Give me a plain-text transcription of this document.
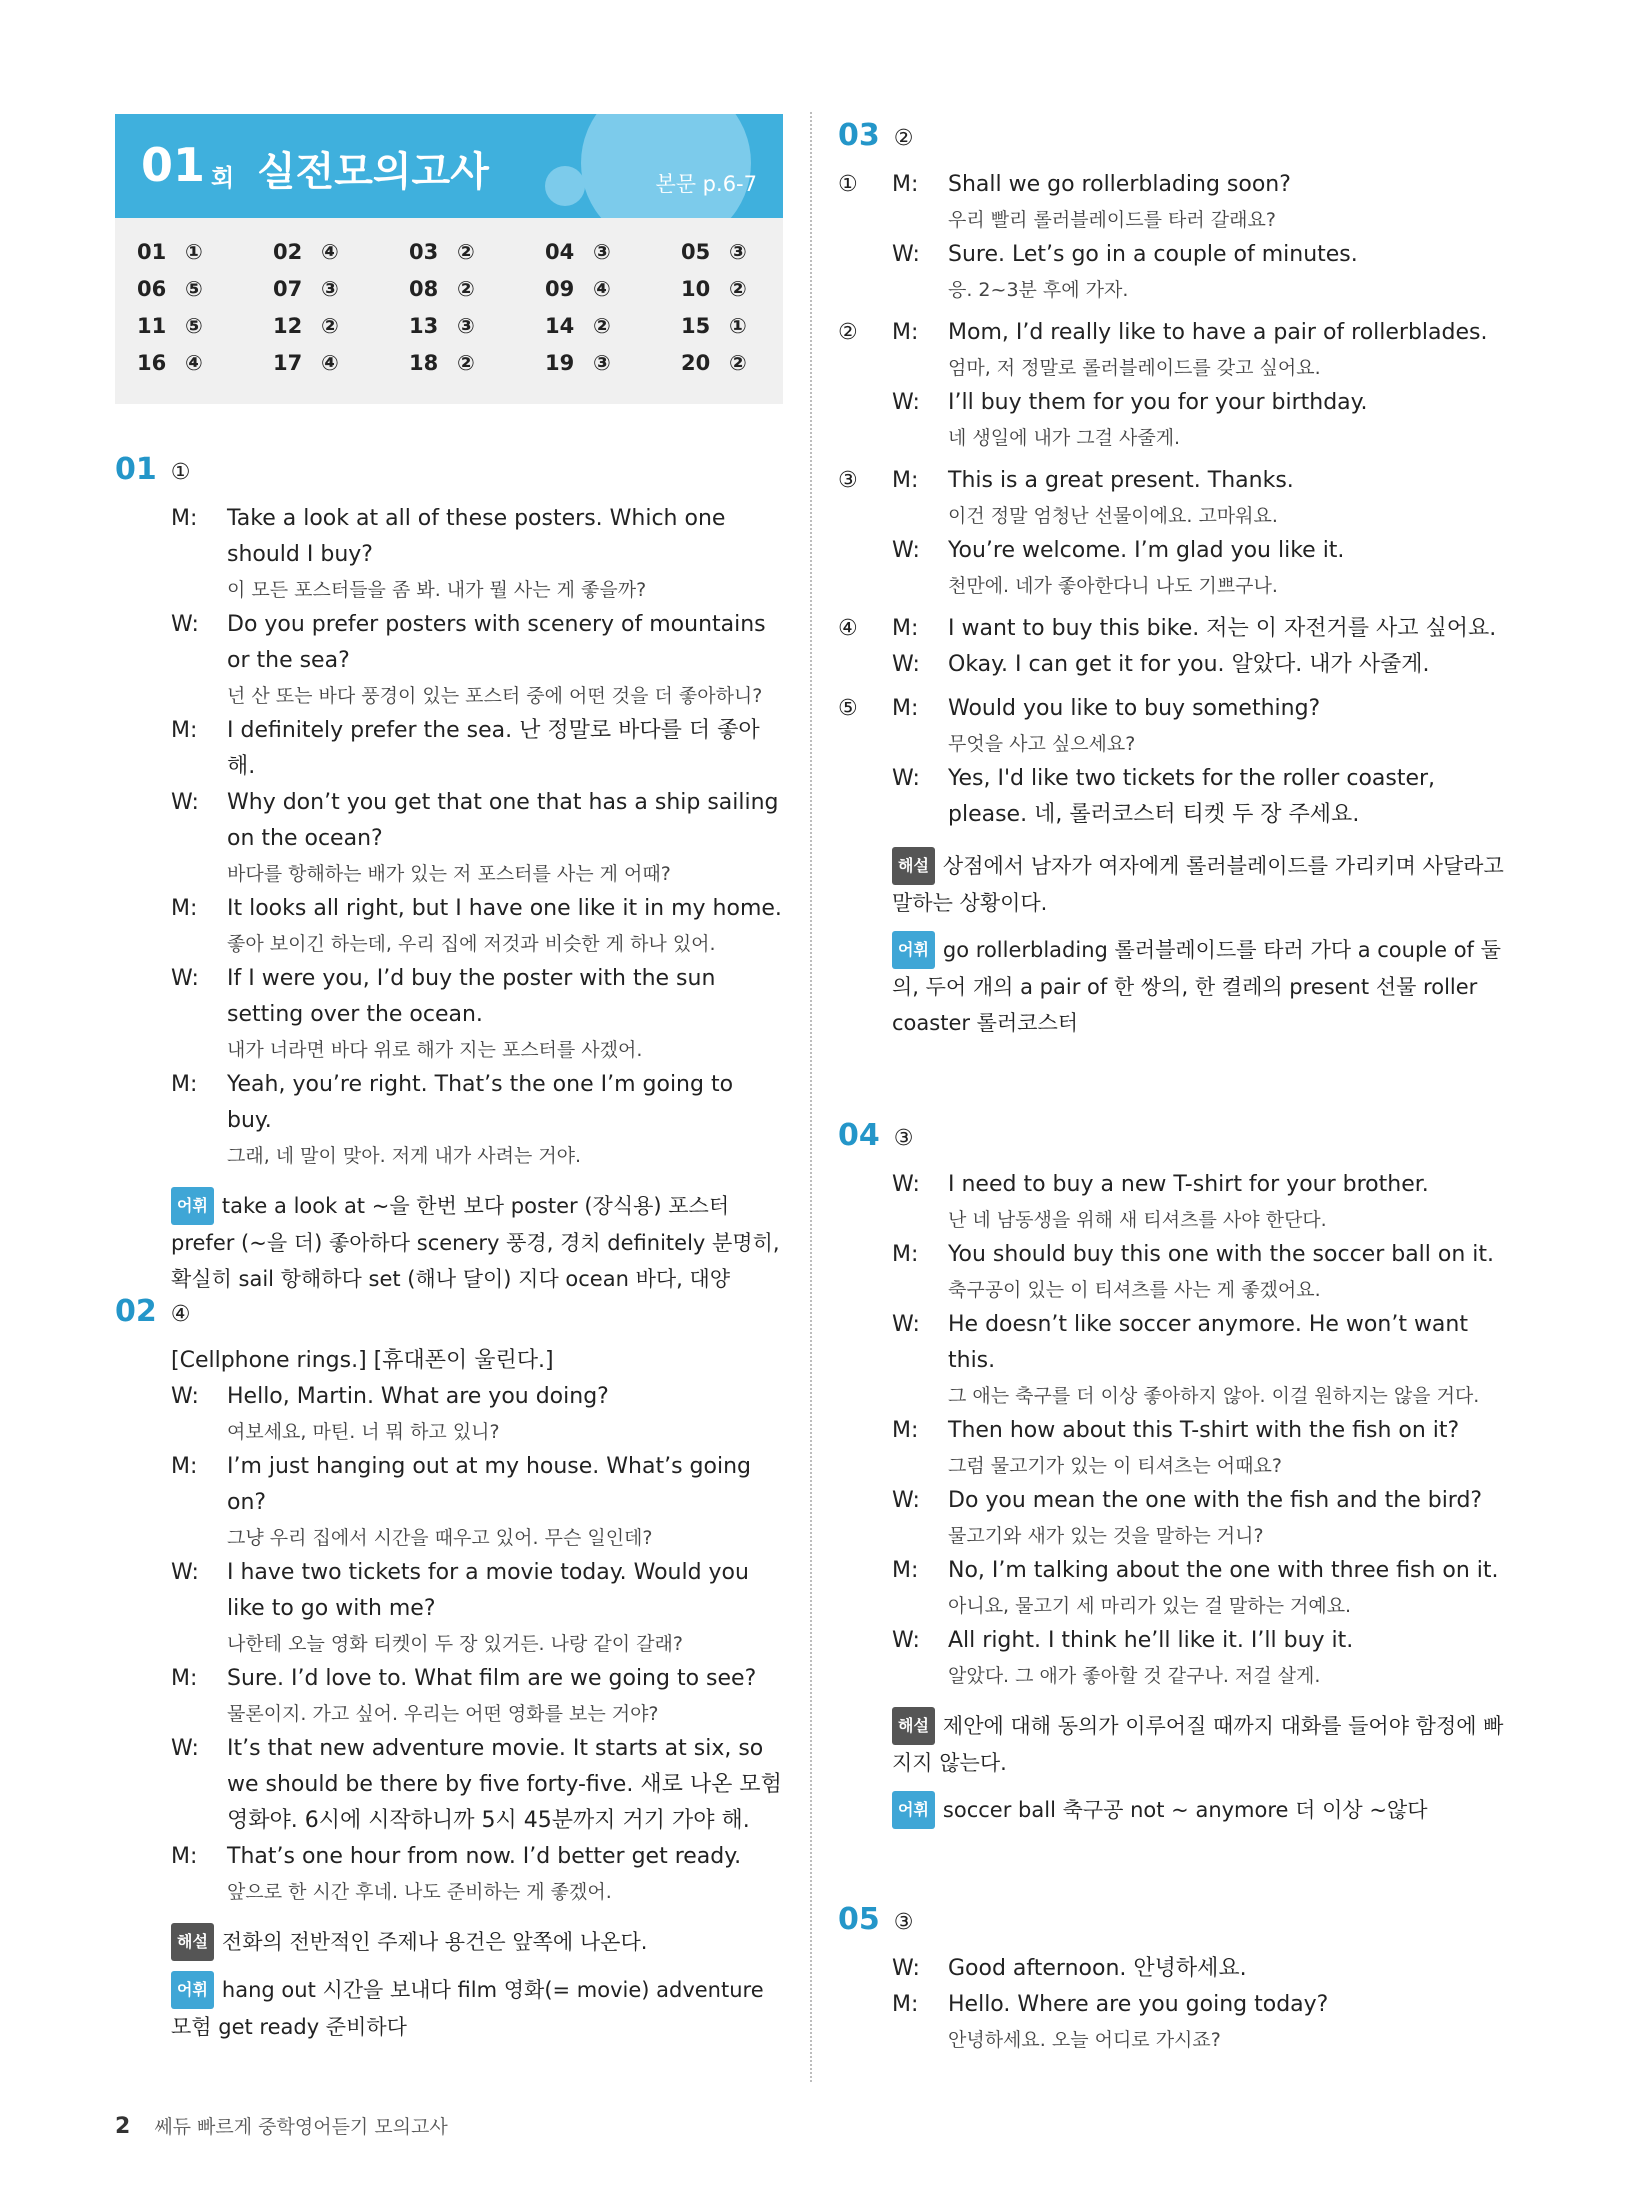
01 회 실전모의고사	본문 p.6-7
01 ①	02 ④	03 ②	04 ③	05 ③
06 ⑤	07 ③	08 ②	09 ④	10 ②
11 ⑤	12 ②	13 ③	14 ②	15 ①
16 ④	17 ④	18 ②	19 ③	20 ②
01 ①
M:	Take a look at all of these posters. Which one should I buy?
이 모든 포스터들을 좀 봐. 내가 뭘 사는 게 좋을까?
W:	Do you prefer posters with scenery of mountains or the sea?
넌 산 또는 바다 풍경이 있는 포스터 중에 어떤 것을 더 좋아하니?
M:	I definitely prefer the sea. 난 정말로 바다를 더 좋아해.
W:	Why don’t you get that one that has a ship sailing on the ocean?
바다를 항해하는 배가 있는 저 포스터를 사는 게 어때?
M:	It looks all right, but I have one like it in my home.
좋아 보이긴 하는데, 우리 집에 저것과 비슷한 게 하나 있어.
W:	If I were you, I’d buy the poster with the sun setting over the ocean.
내가 너라면 바다 위로 해가 지는 포스터를 사겠어.
M:	Yeah, you’re right. That’s the one I’m going to buy.
그래, 네 말이 맞아. 저게 내가 사려는 거야.
어휘 take a look at ~을 한번 보다 poster (장식용) 포스터 prefer (~을 더) 좋아하다 scenery 풍경, 경치 definitely 분명히, 확실히 sail 항해하다 set (해나 달이) 지다 ocean 바다, 대양
02 ④
[Cellphone rings.] [휴대폰이 울린다.]
W:	Hello, Martin. What are you doing?
여보세요, 마틴. 너 뭐 하고 있니?
M:	I’m just hanging out at my house. What’s going on?
그냥 우리 집에서 시간을 때우고 있어. 무슨 일인데?
W:	I have two tickets for a movie today. Would you like to go with me?
나한테 오늘 영화 티켓이 두 장 있거든. 나랑 같이 갈래?
M:	Sure. I’d love to. What film are we going to see?
물론이지. 가고 싶어. 우리는 어떤 영화를 보는 거야?
W:	It’s that new adventure movie. It starts at six, so we should be there by five forty-five. 새로 나온 모험 영화야. 6시에 시작하니까 5시 45분까지 거기 가야 해.
M:	That’s one hour from now. I’d better get ready.
앞으로 한 시간 후네. 나도 준비하는 게 좋겠어.
해설 전화의 전반적인 주제나 용건은 앞쪽에 나온다.
어휘 hang out 시간을 보내다 film 영화(= movie) adventure 모험 get ready 준비하다
03 ②
①	M:	Shall we go rollerblading soon?
우리 빨리 롤러블레이드를 타러 갈래요?
W:	Sure. Let’s go in a couple of minutes.
응. 2~3분 후에 가자.
②	M:	Mom, I’d really like to have a pair of rollerblades.
엄마, 저 정말로 롤러블레이드를 갖고 싶어요.
W:	I’ll buy them for you for your birthday.
네 생일에 내가 그걸 사줄게.
③	M:	This is a great present. Thanks.
이건 정말 엄청난 선물이에요. 고마워요.
W:	You’re welcome. I’m glad you like it.
천만에. 네가 좋아한다니 나도 기쁘구나.
④	M:	I want to buy this bike. 저는 이 자전거를 사고 싶어요.
W:	Okay. I can get it for you. 알았다. 내가 사줄게.
⑤	M:	Would you like to buy something?
무엇을 사고 싶으세요?
W:	Yes, I'd like two tickets for the roller coaster, please. 네, 롤러코스터 티켓 두 장 주세요.
해설 상점에서 남자가 여자에게 롤러블레이드를 가리키며 사달라고 말하는 상황이다.
어휘 go rollerblading 롤러블레이드를 타러 가다 a couple of 둘의, 두어 개의 a pair of 한 쌍의, 한 켤레의 present 선물 roller coaster 롤러코스터
04 ③
W:	I need to buy a new T-shirt for your brother.
난 네 남동생을 위해 새 티셔츠를 사야 한단다.
M:	You should buy this one with the soccer ball on it.
축구공이 있는 이 티셔츠를 사는 게 좋겠어요.
W:	He doesn’t like soccer anymore. He won’t want this.
그 애는 축구를 더 이상 좋아하지 않아. 이걸 원하지는 않을 거다.
M:	Then how about this T-shirt with the fish on it?
그럼 물고기가 있는 이 티셔츠는 어때요?
W:	Do you mean the one with the fish and the bird?
물고기와 새가 있는 것을 말하는 거니?
M:	No, I’m talking about the one with three fish on it.
아니요, 물고기 세 마리가 있는 걸 말하는 거예요.
W:	All right. I think he’ll like it. I’ll buy it.
알았다. 그 애가 좋아할 것 같구나. 저걸 살게.
해설 제안에 대해 동의가 이루어질 때까지 대화를 들어야 함정에 빠지지 않는다.
어휘 soccer ball 축구공 not ~ anymore 더 이상 ~않다
05 ③
W:	Good afternoon. 안녕하세요.
M:	Hello. Where are you going today?
안녕하세요. 오늘 어디로 가시죠?
2 쎄듀 빠르게 중학영어듣기 모의고사
